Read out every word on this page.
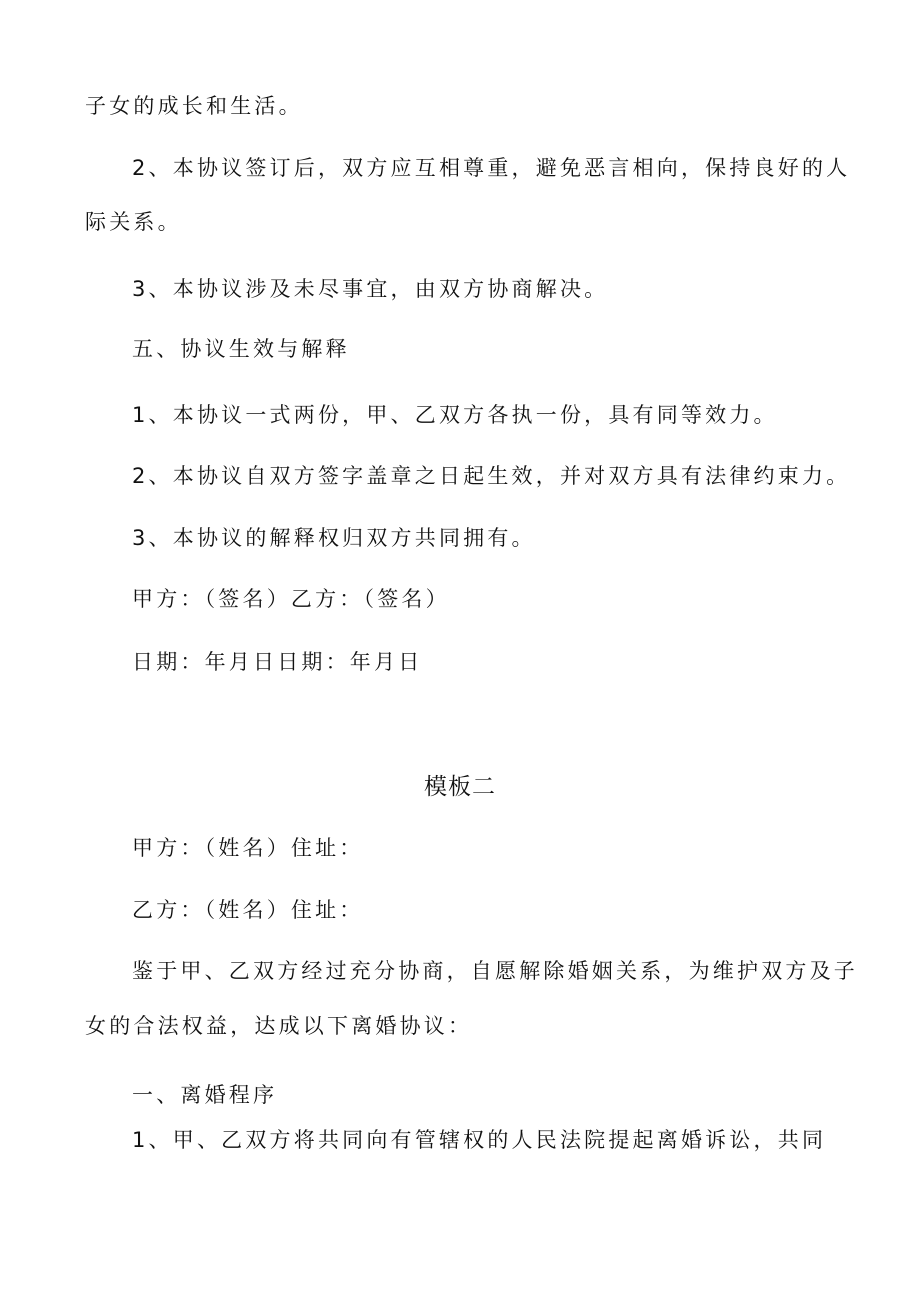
子女的成长和生活。
2、本协议签订后，双方应互相尊重，避免恶言相向，保持良好的人
际关系。
3、本协议涉及未尽事宜，由双方协商解决。
五、协议生效与解释
1、本协议一式两份，甲、乙双方各执一份，具有同等效力。
2、本协议自双方签字盖章之日起生效，并对双方具有法律约束力。
3、本协议的解释权归双方共同拥有。
甲方：（签名）乙方：（签名）
日期：年月日日期：年月日
模板二
甲方：（姓名）住址：
乙方：（姓名）住址：
鉴于甲、乙双方经过充分协商，自愿解除婚姻关系，为维护双方及子
女的合法权益，达成以下离婚协议：
一、离婚程序
1、甲、乙双方将共同向有管辖权的人民法院提起离婚诉讼，共同
